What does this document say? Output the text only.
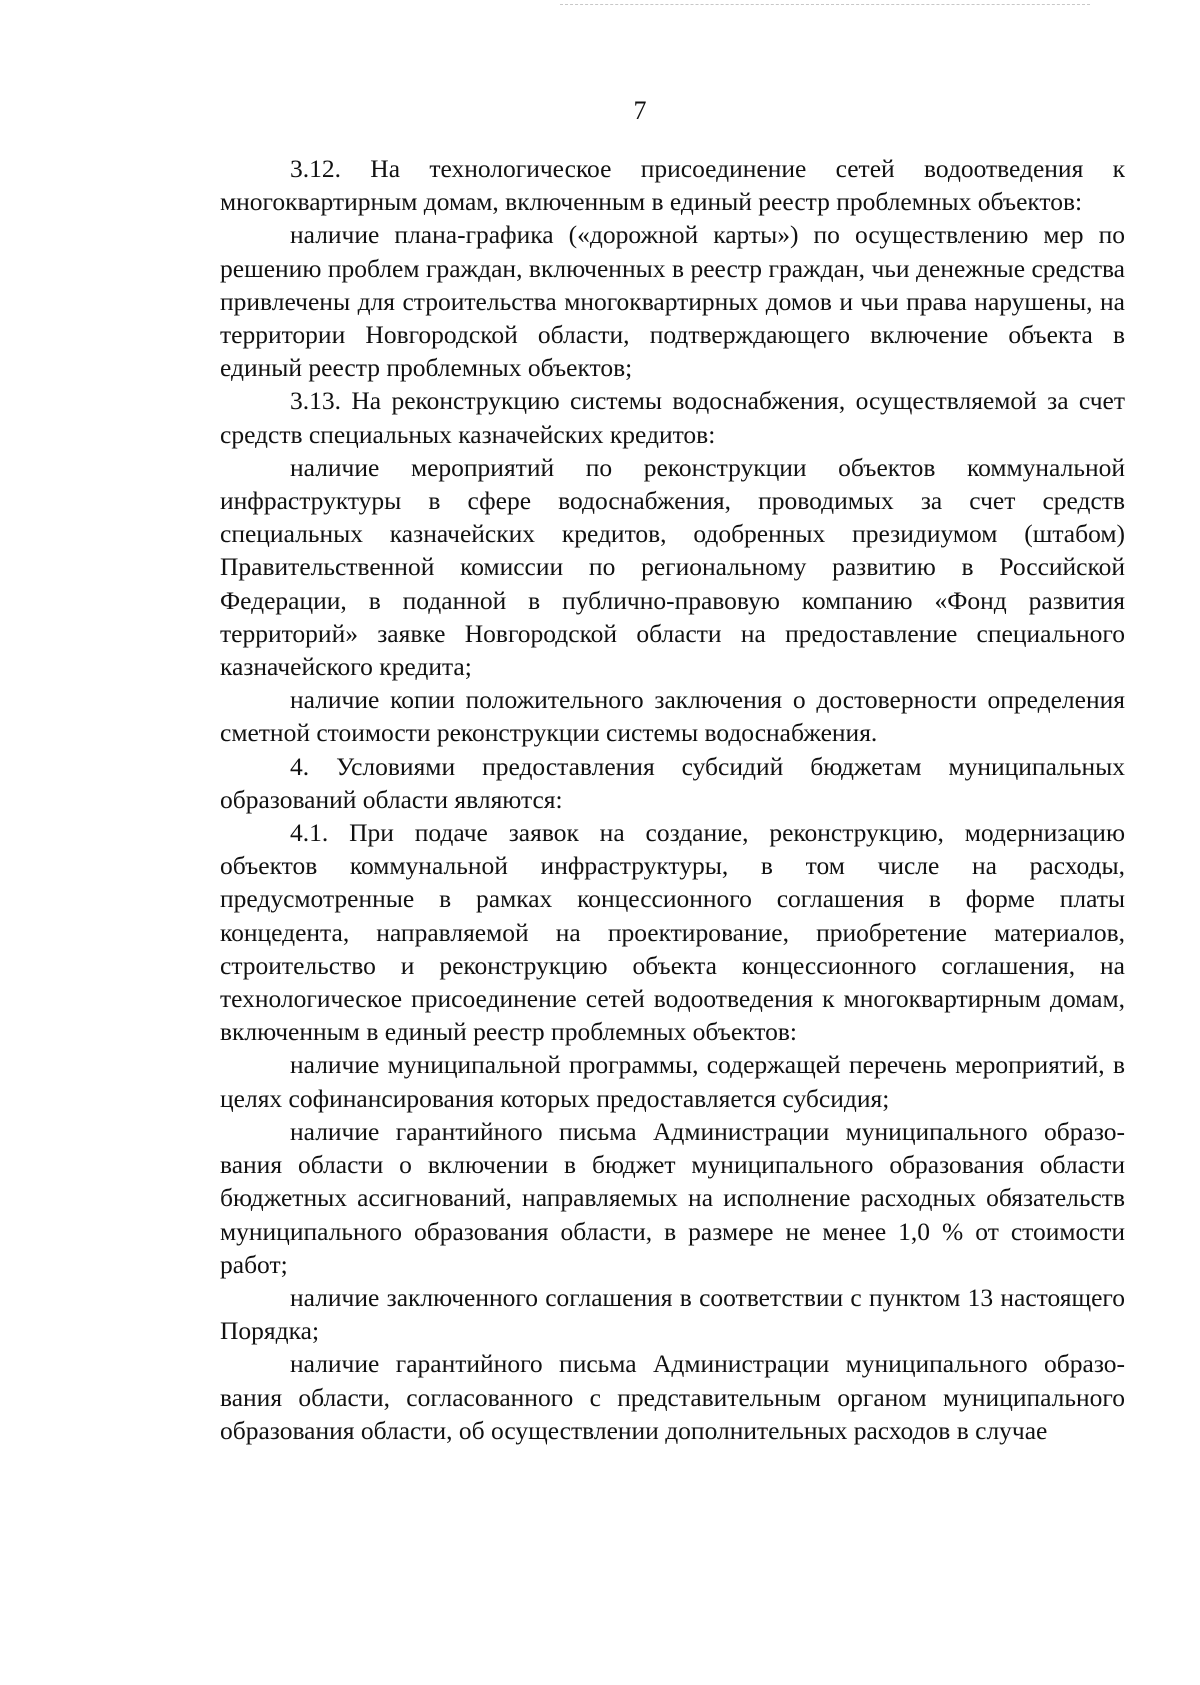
7

3.12. На технологическое присоединение сетей водоотведения к многоквартирным домам, включенным в единый реестр проблемных объектов:

наличие плана-графика («дорожной карты») по осуществлению мер по решению проблем граждан, включенных в реестр граждан, чьи денежные средства привлечены для строительства многоквартирных домов и чьи права нарушены, на территории Новгородской области, подтверждающего включение объекта в единый реестр проблемных объектов;

3.13. На реконструкцию системы водоснабжения, осуществляемой за счет средств специальных казначейских кредитов:

наличие мероприятий по реконструкции объектов коммунальной инфраструктуры в сфере водоснабжения, проводимых за счет средств специальных казначейских кредитов, одобренных президиумом (штабом) Правительственной комиссии по региональному развитию в Российской Федерации, в поданной в публично-правовую компанию «Фонд развития территорий» заявке Новгородской области на предоставление специального казначейского кредита;

наличие копии положительного заключения о достоверности определения сметной стоимости реконструкции системы водоснабжения.

4. Условиями предоставления субсидий бюджетам муниципальных образований области являются:

4.1. При подаче заявок на создание, реконструкцию, модернизацию объектов коммунальной инфраструктуры, в том числе на расходы, предусмотренные в рамках концессионного соглашения в форме платы концедента, направляемой на проектирование, приобретение материалов, строительство и реконструкцию объекта концессионного соглашения, на технологическое присоединение сетей водоотведения к многоквартирным домам, включенным в единый реестр проблемных объектов:

наличие муниципальной программы, содержащей перечень мероприятий, в целях софинансирования которых предоставляется субсидия;

наличие гарантийного письма Администрации муниципального образования области о включении в бюджет муниципального образования области бюджетных ассигнований, направляемых на исполнение расходных обязательств муниципального образования области, в размере не менее 1,0 % от стоимости работ;

наличие заключенного соглашения в соответствии с пунктом 13 настоящего Порядка;

наличие гарантийного письма Администрации муниципального образования области, согласованного с представительным органом муниципального образования области, об осуществлении дополнительных расходов в случае
